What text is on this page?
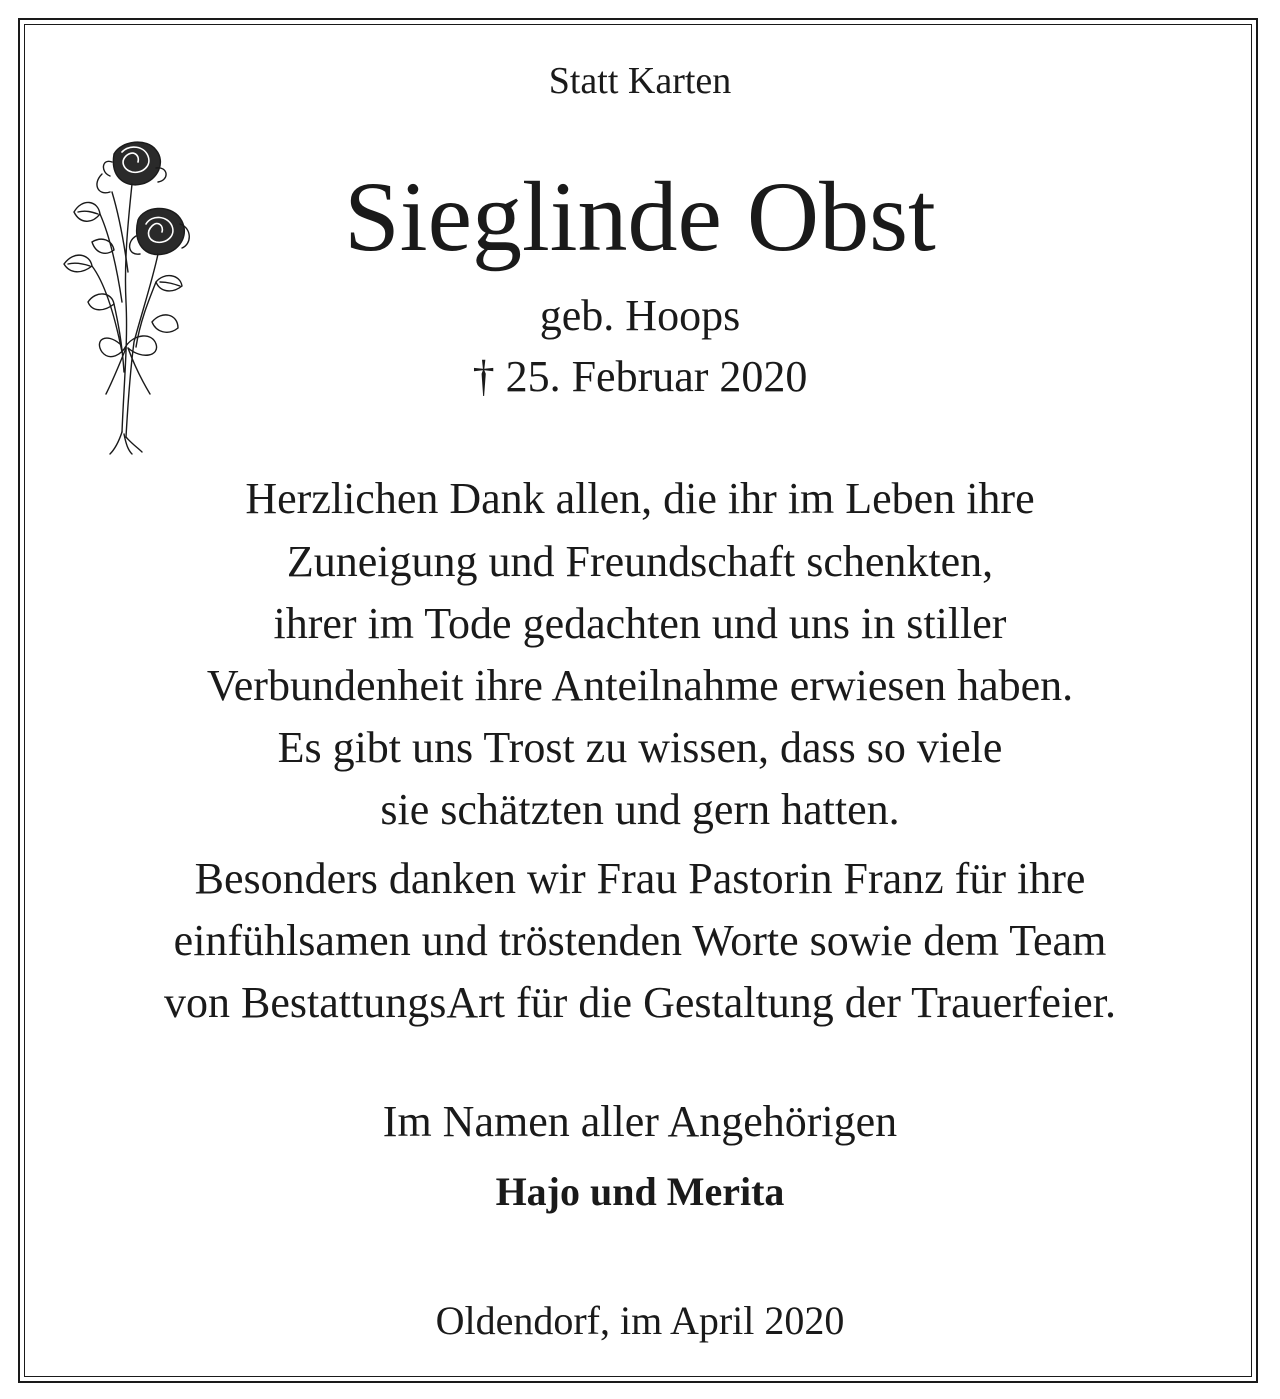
Statt Karten
Sieglinde Obst
geb. Hoops
† 25. Februar 2020
Herzlichen Dank allen, die ihr im Leben ihre
Zuneigung und Freundschaft schenkten,
ihrer im Tode gedachten und uns in stiller
Verbundenheit ihre Anteilnahme erwiesen haben.
Es gibt uns Trost zu wissen, dass so viele
sie schätzten und gern hatten.
Besonders danken wir Frau Pastorin Franz für ihre
einfühlsamen und tröstenden Worte sowie dem Team
von BestattungsArt für die Gestaltung der Trauerfeier.
Im Namen aller Angehörigen
Hajo und Merita
Oldendorf, im April 2020
